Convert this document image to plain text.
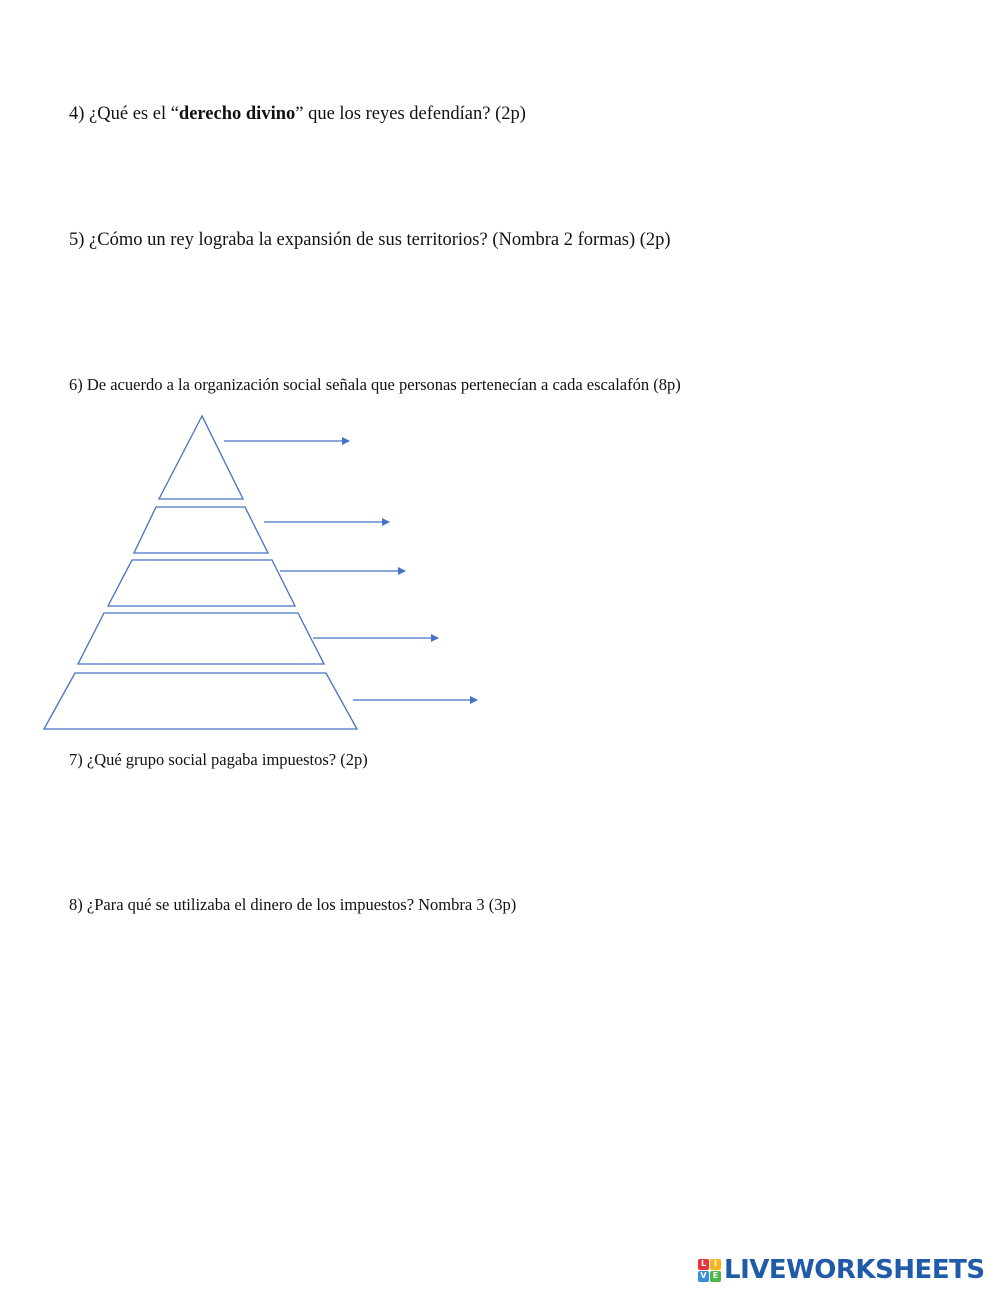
4) ¿Qué es el “derecho divino” que los reyes defendían? (2p)

5) ¿Cómo un rey lograba la expansión de sus territorios? (Nombra 2 formas) (2p)

6) De acuerdo a la organización social señala que personas pertenecían a cada escalafón (8p)

7) ¿Qué grupo social pagaba impuestos? (2p)

8) ¿Para qué se utilizaba el dinero de los impuestos? Nombra 3 (3p)

L I
V E LIVEWORKSHEETS
